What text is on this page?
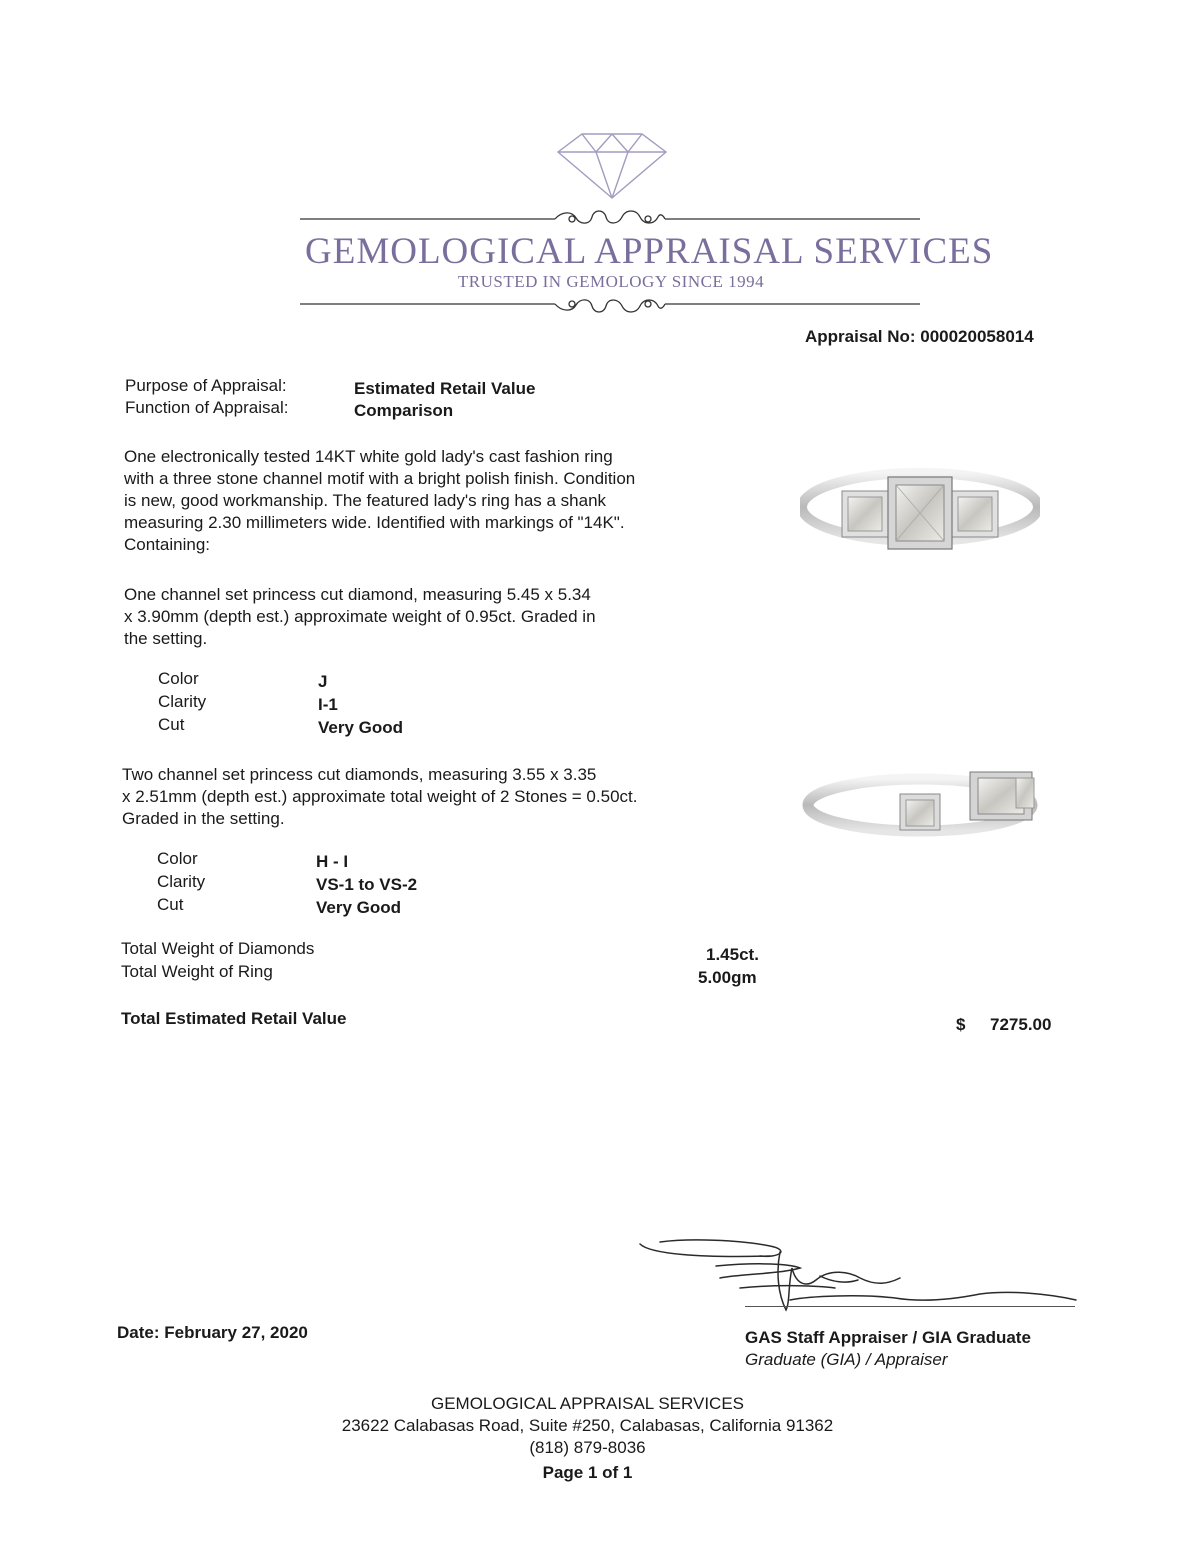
GEMOLOGICAL APPRAISAL SERVICES
TRUSTED IN GEMOLOGY SINCE 1994
Appraisal No: 000020058014
Purpose of Appraisal:	Estimated Retail Value
Function of Appraisal:	Comparison
One electronically tested 14KT white gold lady's cast fashion ring
with a three stone channel motif with a bright polish finish. Condition
is new, good workmanship. The featured lady's ring has a shank
measuring 2.30 millimeters wide. Identified with markings of "14K".
Containing:
One channel set princess cut diamond, measuring 5.45 x 5.34
x 3.90mm (depth est.) approximate weight of 0.95ct. Graded in
the setting.
Color	J
Clarity	I-1
Cut	Very Good
Two channel set princess cut diamonds, measuring 3.55 x 3.35
x 2.51mm (depth est.) approximate total weight of 2 Stones = 0.50ct.
Graded in the setting.
Color	H - I
Clarity	VS-1 to VS-2
Cut	Very Good
Total Weight of Diamonds	1.45ct.
Total Weight of Ring	5.00gm
Total Estimated Retail Value	$ 7275.00
Date: February 27, 2020	GAS Staff Appraiser / GIA Graduate
Graduate (GIA) / Appraiser
GEMOLOGICAL APPRAISAL SERVICES
23622 Calabasas Road, Suite #250, Calabasas, California 91362
(818) 879-8036
Page 1 of 1
